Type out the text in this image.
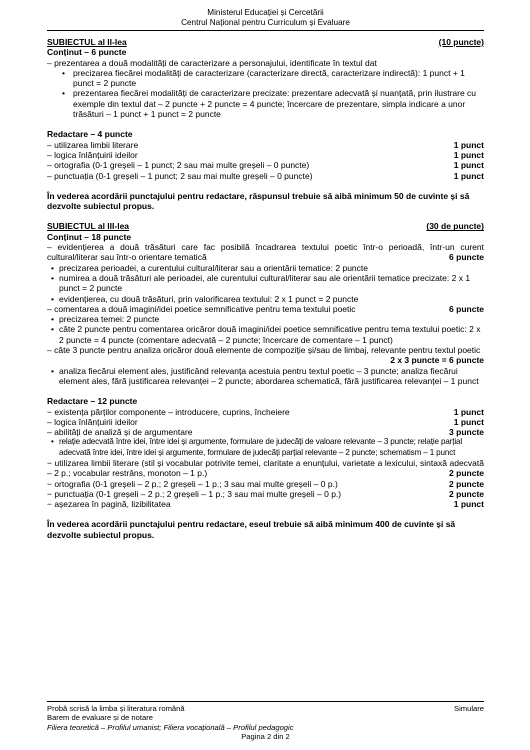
Ministerul Educației și Cercetării
Centrul Național pentru Curriculum și Evaluare
SUBIECTUL al II-lea	(10 puncte)

Conținut – 6 puncte

– prezentarea a două modalități de caracterizare a personajului, identificate în textul dat

• precizarea fiecărei modalități de caracterizare (caracterizare directă, caracterizare indirectă): 1 punct + 1 punct = 2 puncte
• prezentarea fiecărei modalități de caracterizare precizate: prezentare adecvată și nuanțată, prin ilustrare cu exemple din textul dat – 2 puncte + 2 puncte = 4 puncte; încercare de prezentare, simpla indicare a unor trăsături – 1 punct + 1 punct = 2 puncte

Redactare – 4 puncte

– utilizarea limbii literare	1 punct
– logica înlănțuirii ideilor	1 punct
– ortografia (0-1 greșeli – 1 punct; 2 sau mai multe greșeli – 0 puncte)	1 punct
– punctuația (0-1 greșeli – 1 punct; 2 sau mai multe greșeli – 0 puncte)	1 punct

În vederea acordării punctajului pentru redactare, răspunsul trebuie să aibă minimum 50 de cuvinte și să dezvolte subiectul propus.

SUBIECTUL al III-lea	(30 de puncte)

Conținut – 18 puncte

– evidențierea a două trăsături care fac posibilă încadrarea textului poetic într-o perioadă, într-un curent cultural/literar sau într-o orientare tematică	6 puncte

• precizarea perioadei, a curentului cultural/literar sau a orientării tematice: 2 puncte
• numirea a două trăsături ale perioadei, ale curentului cultural/literar sau ale orientării tematice precizate: 2 x 1 punct = 2 puncte
• evidențierea, cu două trăsături, prin valorificarea textului: 2 x 1 punct = 2 puncte
– comentarea a două imagini/idei poetice semnificative pentru tema textului poetic	6 puncte
• precizarea temei: 2 puncte
• câte 2 puncte pentru comentarea oricăror două imagini/idei poetice semnificative pentru tema textului poetic: 2 x 2 puncte = 4 puncte (comentare adecvată – 2 puncte; încercare de comentare – 1 punct)

– câte 3 puncte pentru analiza oricăror două elemente de compoziție și/sau de limbaj, relevante pentru textul poetic
2 x 3 puncte = 6 puncte

• analiza fiecărui element ales, justificând relevanța acestuia pentru textul poetic – 3 puncte; analiza fiecărui element ales, fără justificarea relevanței – 2 puncte; abordarea schematică, fără justificarea relevanței – 1 punct

Redactare – 12 puncte

− existența părților componente – introducere, cuprins, încheiere	1 punct
– logica înlănțuirii ideilor	1 punct
– abilități de analiză și de argumentare	3 puncte
• relație adecvată între idei, între idei și argumente, formulare de judecăți de valoare relevante – 3 puncte; relație parțial adecvată între idei, între idei și argumente, formulare de judecăți parțial relevante – 2 puncte; schematism – 1 punct

− utilizarea limbii literare (stil și vocabular potrivite temei, claritate a enunțului, varietate a lexicului, sintaxă adecvată – 2 p.; vocabular restrâns, monoton – 1 p.)	2 puncte

− ortografia (0-1 greșeli – 2 p.; 2 greșeli – 1 p.; 3 sau mai multe greșeli – 0 p.)	2 puncte
− punctuația (0-1 greșeli – 2 p.; 2 greșeli – 1 p.; 3 sau mai multe greșeli – 0 p.)	2 puncte
− așezarea în pagină, lizibilitatea	1 punct

În vederea acordării punctajului pentru redactare, eseul trebuie să aibă minimum 400 de cuvinte și să dezvolte subiectul propus.

Probă scrisă la limba și literatura română	Simulare
Barem de evaluare și de notare
Filiera teoretică – Profilul umanist; Filiera vocațională – Profilul pedagogic
Pagina 2 din 2
